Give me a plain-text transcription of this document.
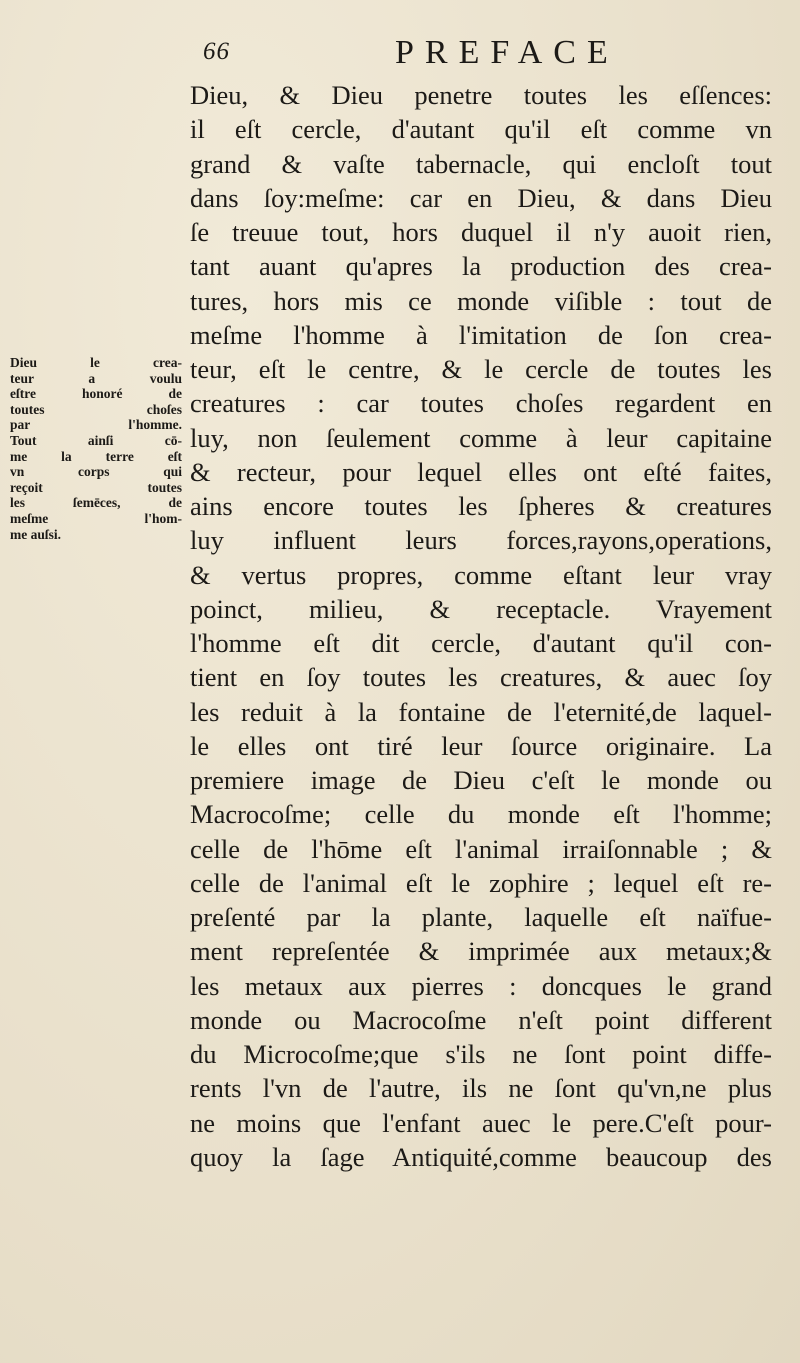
66	PREFACE
Dieu le crea-
teur a voulu
eſtre honoré de
toutes choſes
par l'homme.
Tout ainſi cō-
me la terre eſt
vn corps qui
reçoit toutes
les ſemēces, de
meſme l'hom-
me auſsi.
Dieu, & Dieu penetre toutes les eſſences:
il eſt cercle, d'autant qu'il eſt comme vn
grand & vaſte tabernacle, qui encloſt tout
dans ſoy:meſme: car en Dieu, & dans Dieu
ſe treuue tout, hors duquel il n'y auoit rien,
tant auant qu'apres la production des crea-
tures, hors mis ce monde viſible : tout de
meſme l'homme à l'imitation de ſon crea-
teur, eſt le centre, & le cercle de toutes les
creatures : car toutes choſes regardent en
luy, non ſeulement comme à leur capitaine
& recteur, pour lequel elles ont eſté faites,
ains encore toutes les ſpheres & creatures
luy influent leurs forces,rayons,operations,
& vertus propres, comme eſtant leur vray
poinct, milieu, & receptacle. Vrayement
l'homme eſt dit cercle, d'autant qu'il con-
tient en ſoy toutes les creatures, & auec ſoy
les reduit à la fontaine de l'eternité,de laquel-
le elles ont tiré leur ſource originaire. La
premiere image de Dieu c'eſt le monde ou
Macrocoſme; celle du monde eſt l'homme;
celle de l'hōme eſt l'animal irraiſonnable ; &
celle de l'animal eſt le zophire ; lequel eſt re-
preſenté par la plante, laquelle eſt naïfue-
ment repreſentée & imprimée aux metaux;&
les metaux aux pierres : doncques le grand
monde ou Macrocoſme n'eſt point different
du Microcoſme;que s'ils ne ſont point diffe-
rents l'vn de l'autre, ils ne ſont qu'vn,ne plus
ne moins que l'enfant auec le pere.C'eſt pour-
quoy la ſage Antiquité,comme beaucoup des
